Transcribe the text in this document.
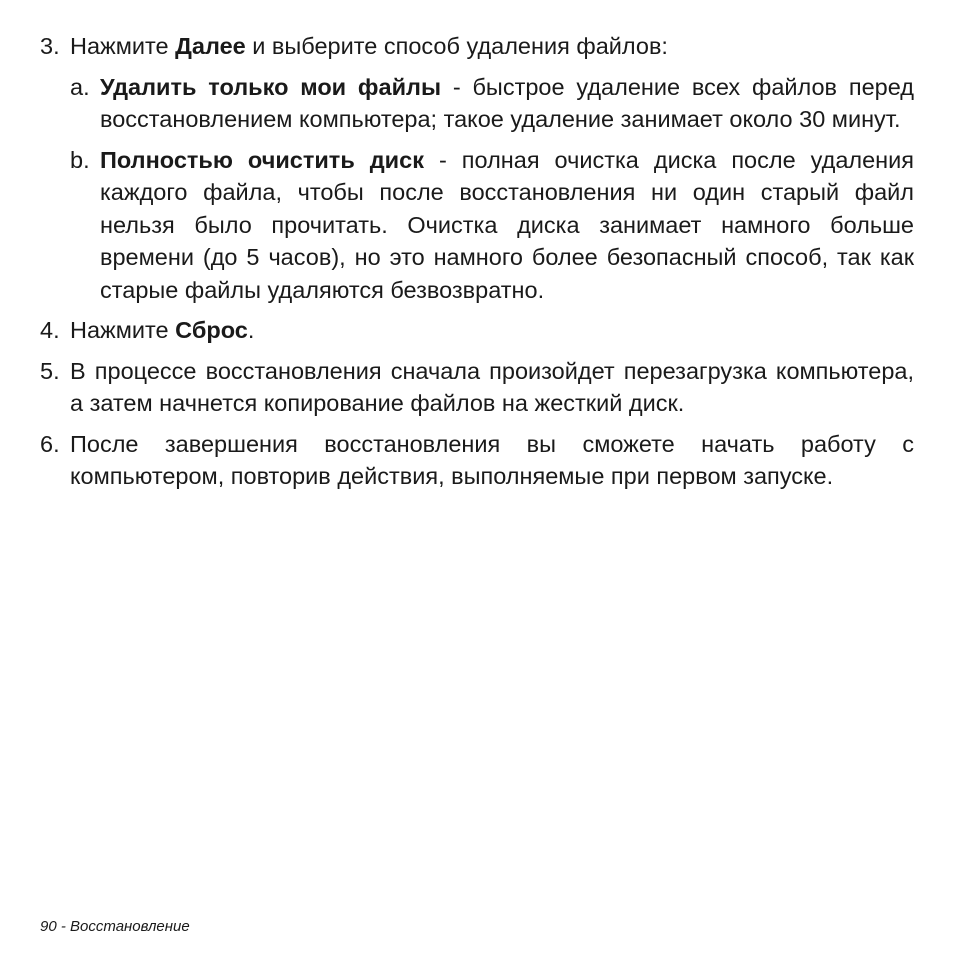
3. Нажмите Далее и выберите способ удаления файлов:
a. Удалить только мои файлы - быстрое удаление всех файлов перед восстановлением компьютера; такое удаление занимает около 30 минут.
b. Полностью очистить диск - полная очистка диска после удаления каждого файла, чтобы после восстановления ни один старый файл нельзя было прочитать. Очистка диска занимает намного больше времени (до 5 часов), но это намного более безопасный способ, так как старые файлы удаляются безвозвратно.
4. Нажмите Сброс.
5. В процессе восстановления сначала произойдет перезагрузка компьютера, а затем начнется копирование файлов на жесткий диск.
6. После завершения восстановления вы сможете начать работу с компьютером, повторив действия, выполняемые при первом запуске.
90 - Восстановление
